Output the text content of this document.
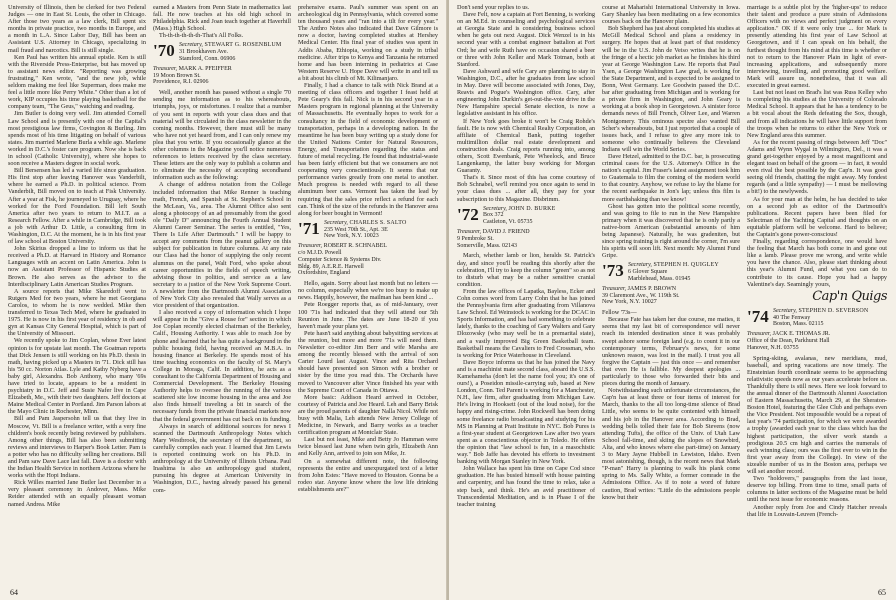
University of Illinois, then be clerked for two Federal Judges — one in East St. Louis, the other in Chicago. After those two years as a law clerk, Bill spent six months in private practice, two months in Europe, and a month in L.A. Since Labor Day, Bill has been an Assistant U.S. Attorney in Chicago, specializing in mail fraud and narcotics. Bill is still single.

Ken Paul has written his annual epistle. Ken is still with the Riverside Press-Enterprise, but has moved up to assistant news editor. "Reporting was growing frustrating," Ken wrote, "and the new job, while seldom making me feel like Superman, does make me feel a little more like Perry White." Other than a lot of work, KIP occupies his time playing basketball for the company team, "The Geus," watching and reading.

Jim Butler is doing very well. Jim attended Cornell Law School and is presently with one of the Capital's most prestigious law firms, Covington & Burling. Jim spends most of his time litigating on behalf of various states. Jim married Marlene Burla a while ago. Marlene worked in D.C.'s foster care program. Now she is back in school (Catholic University), where she hopes to soon receive a Masters degree in social work.

Bill Bersensen has led a varied life since graduation. His first stop after leaving Hanover was Vanderbilt, where he earned a Ph.D. in political science. From Vanderbilt, Bill moved on to teach at Fisk University. After a year at Fisk, he journeyed to Uruguay, where he worked for the Ford Foundation. Bill left South America after two years to return to M.I.T. as a Research Fellow. After a while in Cambridge, Bill took a job with Arthur D. Little, a consulting firm in Washington, D.C. At the moment, he is in his first year of law school at Boston University.

John Skirius dropped a line to inform us that he received a Ph.D. at Harvard in History and Romance Languages with an accent on Latin America. John is now an Assistant Professor of Hispanic Studies at Brown. He also serves as the advisor to the Interdisciplinary Latin American Studies Program.

A source reports that Mike Skaredoff went to Rutgers Med for two years, where he met Georgiana Carolos, to whom he is now wedded. Mike then transferred to Texas Tech Med, where he graduated in 1975. He is now in his first year of residency in ob and gyn at Kansas City General Hospital, which is part of the University of Missouri.

We recently spoke to Jim Coplan, whose Ever latest opinion is for upstate last month. The Goatman reports that Dick Jensen is still working on his Ph.D. thesis in math, having picked up a Masters in '71. Dick still has his '50 cc. Norton Atlas. Lyle and Kathy Nyberg have a baby girl, Alexandra. Bob Anthony, who many '69s have tried to locate, appears to be a resident in psychiatry in D.C. Jeff and Susie Nafer live in Cape Elizabeth, Me., with their two daughters. Jeff doctors at Maine Medical Center in Portland. Jim Parson labors at the Mayo Clinic in Rochester, Minn.

Bill and Pam Jaspersohn tell us that they live in Moscow, Vt. Bill is a freelance writer, with a very fine children's book recently being reviewed by publishers. Among other things, Bill has also been submitting reviews and interviews to Harper's Book Letter. Pam is a potter who has no difficulty selling her creations. Bill and Pam saw Dave Lace last fall. Dave is a doctor with the Indian Health Service in northern Arizona where he works with the Hopi Indians.

Rick Willes married Jane Butler last December in a very pleasant ceremony in Andover, Mass. Mike Reider attended with an equally pleasant woman named Andrea. Mike

earned a Masters from Penn State in mathematics last fall. He now teaches at his old high school in Philadelphia. Rick and Joan teach together at Haverhill (Mass.) High School.

Th-th-th-th-th-th-That's All Folks.

'70 Secretary, STEWART G. ROSENBLUM
31 Brookhaven Ave.
Stamford, Conn. 06906
Treasurer, MARK A. PFEIFFER
19 Moon Brown St.
Providence, R.I. 02906

Well, another month has passed without a single '70 sending me information as to his whereabouts, triumphs, joys, or misfortunes. I realize that a number of you sent in reports with your class dues and that material will be circulated in the class newsletter in the coming months. However, there must still be many who have not yet heard from, and I can only renew my plea that you write. If you occasionally glance at the other columns in the Magazine you'll notice numerous references to letters received by the class secretary. These letters are the only way to publish a column and to eliminate the necessity of accepting secondhand information such as the following:

A change of address notation from the College included information that Mike Renner is teaching math, French, and Spanish at St. Stephen's School in the McLean, Va., area. The Alumni Office also sent along a photocopy of an ad presumably from the good ole "Daily D" announcing the Fourth Annual Student Alumni Career Seminar. The series is entitled, "Yes, There Is Life After Dartmouth." I will be happy to accept any comments from the peanut gallery on this subject for publication in future columns. At any rate our Class had the honor of supplying the only recent alumnus on the panel, Walt Ford, who spoke about career opportunities in the fields of speech writing, advising those in politics, and service as a law secretary to a justice of the New York Supreme Court. A newsletter from the Dartmouth Alumni Association of New York City also revealed that Wally serves as a vice president of that organization.

I also received a copy of information which I hope will appear in the "Give a Rouse for" section in which Joe Coplan recently elected chairman of the Berkeley, Calif., Housing Authority. I was able to reach Joe by phone and learned that he has quite a background in the public housing field, having received an M.B.A. in housing finance at Berkeley. He spends most of his time teaching economics on the faculty of St. Mary's College in Moraga, Calif. In addition, he acts as a consultant to the California Department of Housing and Commercial Development. The Berkeley Housing Authority helps to oversee the running of the various scattered site low income housing in the area and Joe also finds himself traveling a bit in search of the necessary funds from the private financial markets now that the federal government has cut back on its funding.

Always in search of additional sources for news I scanned the Dartmouth Anthropology Notes which Mary Westbrook, the secretary of the department, so carefully compiles each year. I learned that Jim Lewis is reported continuing work on his Ph.D. in anthropology at the University of Illinois Urbana. Paul Inashima is also an anthropology grad student, pursuing his degree at American University in Washington, D.C., having already passed his general com-

prehensive exams. Paul's summer was spent on an archeological dig in Pennsylvania, which covered some ten thousand years and "ran into a tilt for every year." The Anthro Notes also indicated that Dave Gilmore is now a doctor, having completed studies at Hershey Medical Center. His final year of studies was spent in Addis Ababa, Ethiopia, working on a study in tribal medicine. After trips to Kenya and Tanzania he returned home and has been interning in pediatrics at Case Western Reserve U. Hope Dave will write in and tell us a bit about his climb of Mt. Kilimanjaro.

Finally, I had a chance to talk with Nick Brand at a meeting of class officers and together I feast held at Pete Geary's this fall. Nick is in his second year in a Masters program in regional planning at the University of Massachusetts. He eventually hopes to work for a consultancy in the field of economic development or transportation, perhaps in a developing nation. In the meantime he has been busy writing up a study done for the United Nations Center for Natural Resources, Energy, and Transportation regarding the status and future of metal recycling. He found that industrial-waste has been fairly efficient but that we consumers are not cooperating very conscientiously. It seems that our performance varies greatly from one metal to another. Much progress is needed with regard to all these aluminum beer cans. Vermont has taken the lead by requiring that the sales price reflect a refund for each can. Think of the size of the refunds in the Hanover area along for beer bought in Vermont!

'71 Secretary, CHARLES S. SALTO
235 West 70th St., Apt. 3E
New York, N.Y. 10023
Treasurer, ROBERT R. SCHNABEL
c/o M.J.D. Powell
Computer Science & Systems Div.
Bldg. 89, A.E.R.E. Harwell
Oxfordshire, England

Hello, again. Sorry about last month but no letters — no column, especially when we're too busy to make up news. Happily, however, the mailman has been kind ...

Pete Roegger reports that, as of mid-January, over 100 '71s had indicated that they will attend our 5th Reunion in June. The dates are June 18-20 if you haven't made your plans yet.

Pete hasn't said anything about babysitting services at the reunion, but more and more '71s will need them. Newsletter co-editor Jim Berr and wife Marsha are among the recently blessed with the arrival of son Carter Lourd last August. Vince and Rita Orchard should have presented son Simon with a brother or sister by the time you read this. The Orchards have moved to Vancouver after Vince finished his year with the Supreme Court of Canada in Ottawa.

More basic: Addison Heard arrived in October, courtesy of Patricia and Joe Heard. Leh and Barry Brisk are the proud parents of daughter Nalla Nicol. While not busy with Malia, Leh attends New Jersey College of Medicine, in Newark, and Barry works as a teacher certification program at Montclair State.

Last but not least, Mike and Betty Jo Hamman were twice blessed last June when twin girls, Elizabeth Ann and Kelly Ann, arrived to join son Mike, Jr.

On a somewhat different note, the following represents the entire and unexpurgated text of a letter from John Estes: "Have moved to Houston. Gonna be a rodeo star. Anyone know where the low life drinking establishments are?"

64

Don't send your replies to us.

Dave Felt, now a captain at Fort Benning, is working on an M.Ed. in counseling and psychological services at Georgia State and is considering business school when he gets out next August. Dick Wenzel is in his second year with a combat engineer battalion at Fort Ord; he and wife Ruth have on occasion shared a beer or three with John Keller and Mark Totman, both at Stanford.

Dave Ashward and wife Cary are planning to stay in Washington, D.C., after he graduates from law school in May. Dave will become associated with Jones, Day, Reavis and Pogue's Washington office. Cary, after engineering John Durkin's get-out-the-vote drive in the New Hampshire special Senate election, is now a legislative assistant in his office.

If New York goes broke it won't be Craig Rohde's fault. He is now with Chemical Realty Corporation, an affiliate of Chemical Bank, putting together multimillion dollar real estate development and construction deals. Craig reports running into, among others, Scott Ewenbank, Pete Wheelock, and Bruce Langenkamp, the latter busy working for Morgan Guaranty.

That's it. Since most of this has come courtesy of Bob Schnabel, we'll remind you once again to send in your class dues ... after all, they pay for your subscription to this Magazine. Disbrimm.

'72 Secretary, JOHN D. BURKE
Box 372
Castleton, Vt. 05735
Treasurer, DAVID J. FRIEND
9 Pembroke St.
Somerville, Mass. 02143

March, whether lamb or lion, heralds St. Patrick's day, and since you'll be reading this shortly after the celebration, I'll try to keep the column "green" so as not to disturb what may be a rather sensitive cranial condition.

From the law offices of Lapatka, Bayless, Ecker and Cohn comes word from Larry Cohn that he has joined the Pennsylvania firm after graduating from Villanova Law School. Ed Weinstock is working for the DCAC in Sports Information, and has had something to celebrate lately, thanks to the coaching of Gary Walters and Gary Dlozowsky (who may well be in a premarital state), and a vastly improved Big Green Basketball team. Basketball means the Cavaliers to Fred Crossman, who is working for Price Waterhouse in Cleveland.

Dave Boyce informs us that he has joined the Navy and is a machinist mate second class, aboard the U.S.S. Kamehameha (don't let the name fool you; it's one of ours!), a Poseidon missile-carrying sub, based at New London, Conn. Ted Parent is working for a Manchester, N.H., law firm, after graduating from Michigan Law. He's living in Hooksett (out of the loud noise), for the happy and rising-crime. John Rockwell has been doing some freelance radio broadcasting and studying for his MS in Planning at Pratt Institute in NYC. Bob Pures is a first-year student at Georgetown Law after two years spent as a conscientious objector in Toledo. He offers the opinion that "law school is fun, in a masochistic way." Bob Jaffe has devoted his efforts to investment banking with Morgan Stanley in New York.

John Wallace has spent his time on Cape Cod since graduation. He has busied himself with house painting and carpentry, and has found the time to relax, take a step back, and think. He's an avid practitioner of Transcendental Meditation, and is in Phase I of the teacher training

course at Maharishi International University in Iowa. Gary Shanley has been meditating on a few economics courses back on the Hanover plain.

Bob Shepherd has just about completed his studies at McGill Medical School and plans a residency in surgery. He hopes that at least part of that residency will be in the U.S. John de Veiso writes that he is on the fringe of a hectic job market as he finishes his third year at George Washington Law. He reports that Paul Ysen, a George Washington Law grad, is working for the State Department, and is expected to be assigned to Bonn, West Germany. Lee Goodwin passed the D.C. bar after graduating from Michigan and is working for a private firm in Washington, and John Geary is working at a book shop in Georgetown. A sinister force demands news of Bill French, Oliver Lee, and Warren Montgomery. This ominous spectre also wanted Bill Scher's whereabouts, but I just reported that a couple of issues back, and I refuse to give any more ink to someone who continually believes the Cleveland Indians will win the World Series.

Dave Hetzel, admitted to the D.C. bar, is prosecuting criminal cases for the U.S. Attorney's Office in the nation's capital. Jim Fraser's latest assignment took him to Guatemala to film the coming of the modern world to that country. Anyhow, we refuse to lay the blame for the recent earthquake in Jon's lap; unless this film is more earthshaking than we know!

Ghost has gotten into the political scene recently, and was going to file to run in the New Hampshire primary when it was discovered that he is only partly a native-born American (substantial amounts of him being Japanese). Naturally, he was gradeniten, but since spring training is right around the corner, I'm sure his spirits will soon lift. Next month: My Alumni Fund Gripe.

'73 Secretary, STEPHEN H. QUIGLEY
6 Glover Square
Marblehead, Mass. 01945
Treasurer, JAMES P. BROWN
39 Claremont Ave., W. 119th St.
New York, N.Y. 10027

Fellow '73s—

Because Fate has taken her due course, me maties, it seems that my last bit of correspondence will never reach its intended destination since it was probably swept ashore some foreign land (e.g. to count it in our contemporary terms, February's news, for some unknown reason, was lost in the mail). I trust you all forgive the Captain — just this once — and remember that even He is fallible. My deepest apologies ... particularly to those who forwarded their bits and pieces during the month of January.

Notwithstanding such unfortunate circumstances, the Cap'n has at least three or four items of interest for March, thanks to the all too long-time silence of Brad Little, who seems to be quite contented with himself and his job in the Hanover area. According to Brad, wedding bells tolled their fate for Bob Stevens (now attending Tufts), the office of the Univ. of Utah Law School fall-time, and skiing the slopes of Snowbird, Alta, and who knows where else part-time) on January 3 to Mary Jayne Hubbell in Lewiston, Idaho. Even most astonishing, though, is the recent news that Mark "P-man" Harry is planning to walk his plank come spring to Ms. Sally White, a former comrade in the Admissions Office. As if to note a word of future caution, Brad writes: "Little do the admissions people know but their

marriage is a subtle plot by the 'higher-ups' to reduce their talent and produce a pure strain of Admissions Officers with no views and perfect judgment on every application." OK if it were only true ... for Mark is presently attending his first year of Law School at Georgetown, and if I can speak on his behalf, the furthest thought from his mind at this time is whether or not to return to the Hanover Plain in light of ever-increasing applications, and subsequently more interviewing, travelling, and promoting good welfare. Mark will assure us, nonetheless, that it was all executed in great earnest.

Last but not least on Brad's list was Russ Kelley who is completing his studies at the University of Colorado Medical School. It appears that he has a tendency to be a bit vocal about the Reds defeating the Sox, though, and from all indications he will have little support from the troops when he returns to either the New York or New England area this summer.

As for the recent passing of rings between Jeff "Doc" Adams and Wynn Wygal in Wilmington, Del., it was a grand get-together enjoyed by a most magnificent and elegant toast on behalf of the groom — in fact, it would even rival the best possible by the Cap'n. It was good seeing old friends, chatting the night away. My fondest regards (and a little sympathy) — I must be mellowing a bit!) to the newlyweds.

As for your man at the helm, he has decided to take on a second job as editor of the Dartmouth's publications. Recent papers have been filed for Selectman of the Yachting Capital and thoughts on an equitable platform will be welcome. Hard to believe; the Captain's gone power-conscious!

Finally, regarding correspondence, one would have the feeling that March has both come in and gone out like a lamb. Please prove me wrong, and write while you have the chance. Also, please start thinking about this year's Alumni Fund, and what you can do to contribute to its cause. Hope you had a happy Valentine's day. Seamingly yours,

Cap'n Quigs
'74 Secretary, STEPHEN D. SEVERSON
40 The Fenway
Boston, Mass. 02115
Treasurer, JACK E. THOMAS JR.
Office of the Dean, Parkhurst Hall
Hanover, N.H. 03755

Spring-skiing, avalanas, new meridians, mud, baseball, and spring vacations are now timely. The Einsteinian fourth coordinate seems to be approaching relativistic speeds now as our years accelerate before us. Thankfully there is still news. Here we look forward to the annual dinner of the Dartmouth Alumni Association of Eastern Massachusetts, March 29, at the Sheraton-Boston Hotel, featuring the Glee Club and perhaps even the Vice President. Not impossible would be a repeat of last year's '74 participation, for which we were awarded a trophy (awarded each year to the class which has the highest participation, the silver work stands a prodigious 20.5 cm high and carries the numerals of each winning class; ours was the first ever to win in the first year away from the College). In view of the sizeable number of us in the Boston area, perhaps we will set another record.

Two "holdovers," paragraphs from the last issue, deserve top billing. From time to time, small parts of columns in latter sections of the Magazine must be held until the next issue for economic reasons.

Another reply from Joe and Cindy Hatcher reveals that life in Louvain-Leuven (French-

65
